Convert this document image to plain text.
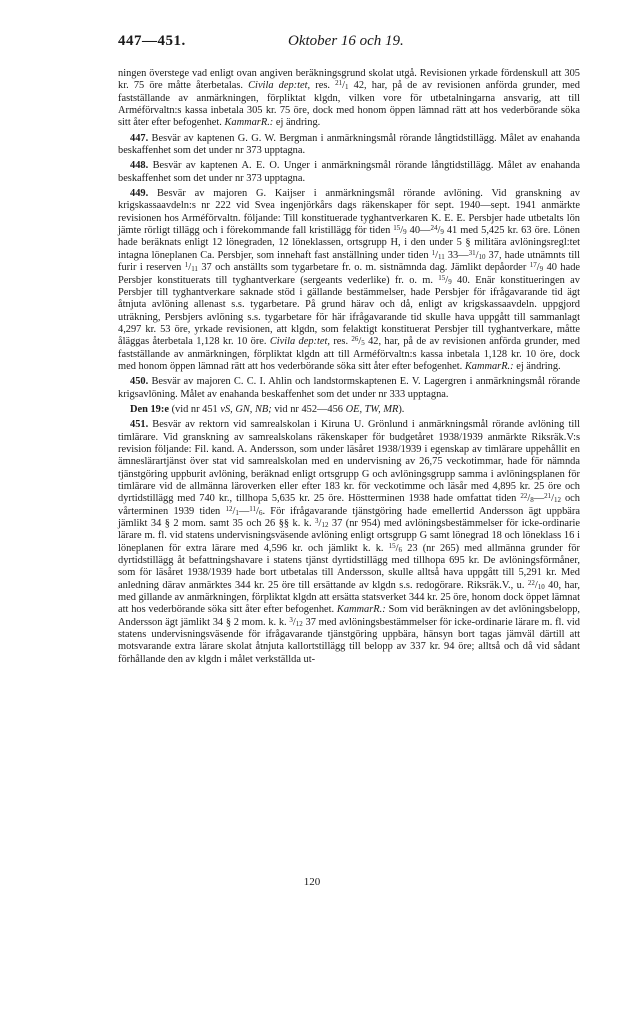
447—451.	Oktober 16 och 19.

ningen överstege vad enligt ovan angiven beräkningsgrund skolat utgå. Revisionen yrkade fördenskull att 305 kr. 75 öre måtte återbetalas. Civila dep:tet, res. $^{21}/_1$ 42, har, på de av revisionen anförda grunder, med fastställande av anmärkningen, förpliktat klgdn, vilken vore för utbetalningarna ansvarig, att till Arméförvaltn:s kassa inbetala 305 kr. 75 öre, dock med honom öppen lämnad rätt att hos vederbörande söka sitt åter efter befogenhet. KammarR.: ej ändring.

447. Besvär av kaptenen G. G. W. Bergman i anmärkningsmål rörande långtidstillägg. Målet av enahanda beskaffenhet som det under nr 373 upptagna.

448. Besvär av kaptenen A. E. O. Unger i anmärkningsmål rörande långtidstillägg. Målet av enahanda beskaffenhet som det under nr 373 upptagna.

449. Besvär av majoren G. Kaijser i anmärkningsmål rörande avlöning. Vid granskning av krigskassaavdeln:s nr 222 vid Svea ingenjörkårs dags räkenskaper för sept. 1940—sept. 1941 anmärkte revisionen hos Arméförvaltn. följande: Till konstituerade tyghantverkaren K. E. E. Persbjer hade utbetalts lön jämte rörligt tillägg och i förekommande fall kristillägg för tiden $^{15}/_9$ $40—^{24}/_9$ 41 med 5,425 kr. 63 öre. Lönen hade beräknats enligt 12 lönegraden, 12 löneklassen, ortsgrupp H, i den under 5 § militära avlöningsregl:tet intagna löneplanen Ca. Persbjer, som innehaft fast anställning under tiden $^1/_{11}$ $33—^{31}/_{10}$ 37, hade utnämnts till furir i reserven $^1/_{11}$ 37 och anställts som tygarbetare fr. o. m. sistnämnda dag. Jämlikt depåorder $^{17}/_9$ 40 hade Persbjer konstituerats till tyghantverkare (sergeants vederlike) fr. o. m. $^{15}/_9$ 40. Enär konstitueringen av Persbjer till tyghantverkare saknade stöd i gällande bestämmelser, hade Persbjer för ifrågavarande tid ägt åtnjuta avlöning allenast s.s. tygarbetare. På grund härav och då, enligt av krigskassaavdeln. uppgjord uträkning, Persbjers avlöning s.s. tygarbetare för här ifrågavarande tid skulle hava uppgått till sammanlagt 4,297 kr. 53 öre, yrkade revisionen, att klgdn, som felaktigt konstituerat Persbjer till tyghantverkare, måtte åläggas återbetala 1,128 kr. 10 öre. Civila dep:tet, res. $^{26}/_5$ 42, har, på de av revisionen anförda grunder, med fastställande av anmärkningen, förpliktat klgdn att till Arméförvaltn:s kassa inbetala 1,128 kr. 10 öre, dock med honom öppen lämnad rätt att hos vederbörande söka sitt åter efter befogenhet. KammarR.: ej ändring.

450. Besvär av majoren C. C. I. Ahlin och landstormskaptenen E. V. Lagergren i anmärkningsmål rörande krigsavlöning. Målet av enahanda beskaffenhet som det under nr 333 upptagna.

Den 19:e (vid nr 451 vS, GN, NB; vid nr 452—456 OE, TW, MR).

451. Besvär av rektorn vid samrealskolan i Kiruna U. Grönlund i anmärkningsmål rörande avlöning till timlärare. Vid granskning av samrealskolans räkenskaper för budgetåret 1938/1939 anmärkte Riksräk.V:s revision följande: Fil. kand. A. Andersson, som under läsåret 1938/1939 i egenskap av timlärare uppehållit en ämneslärartjänst över stat vid samrealskolan med en undervisning av 26,75 veckotimmar, hade för nämnda tjänstgöring uppburit avlöning, beräknad enligt ortsgrupp G och avlöningsgrupp samma i avlöningsplanen för timlärare vid de allmänna läroverken eller efter 183 kr. för veckotimme och läsår med 4,895 kr. 25 öre och dyrtidstillägg med 740 kr., tillhopa 5,635 kr. 25 öre. Höstterminen 1938 hade omfattat tiden $^{22}/_8—^{21}/_{12}$ och vårterminen 1939 tiden $^{12}/_1—^{11}/_6$. För ifrågavarande tjänstgöring hade emellertid Andersson ägt uppbära jämlikt 34 § 2 mom. samt 35 och 26 §§ k. k. $^3/_{12}$ 37 (nr 954) med avlöningsbestämmelser för icke-ordinarie lärare m. fl. vid statens undervisningsväsende avlöning enligt ortsgrupp G samt lönegrad 18 och löneklass 16 i löneplanen för extra lärare med 4,596 kr. och jämlikt k. k. $^{15}/_6$ 23 (nr 265) med allmänna grunder för dyrtidstillägg åt befattningshavare i statens tjänst dyrtidstillägg med tillhopa 695 kr. De avlöningsförmåner, som för läsåret 1938/1939 hade bort utbetalas till Andersson, skulle alltså hava uppgått till 5,291 kr. Med anledning därav anmärktes 344 kr. 25 öre till ersättande av klgdn s.s. redogörare. Riksräk.V., u. $^{22}/_{10}$ 40, har, med gillande av anmärkningen, förpliktat klgdn att ersätta statsverket 344 kr. 25 öre, honom dock öppet lämnat att hos vederbörande söka sitt åter efter befogenhet. KammarR.: Som vid beräkningen av det avlöningsbelopp, Andersson ägt jämlikt 34 § 2 mom. k. k. $^3/_{12}$ 37 med avlöningsbestämmelser för icke-ordinarie lärare m. fl. vid statens undervisningsväsende för ifrågavarande tjänstgöring uppbära, hänsyn bort tagas jämväl därtill att motsvarande extra lärare skolat åtnjuta kallortstillägg till belopp av 337 kr. 94 öre; alltså och då vid sådant förhållande den av klgdn i målet verkställda ut-

120
